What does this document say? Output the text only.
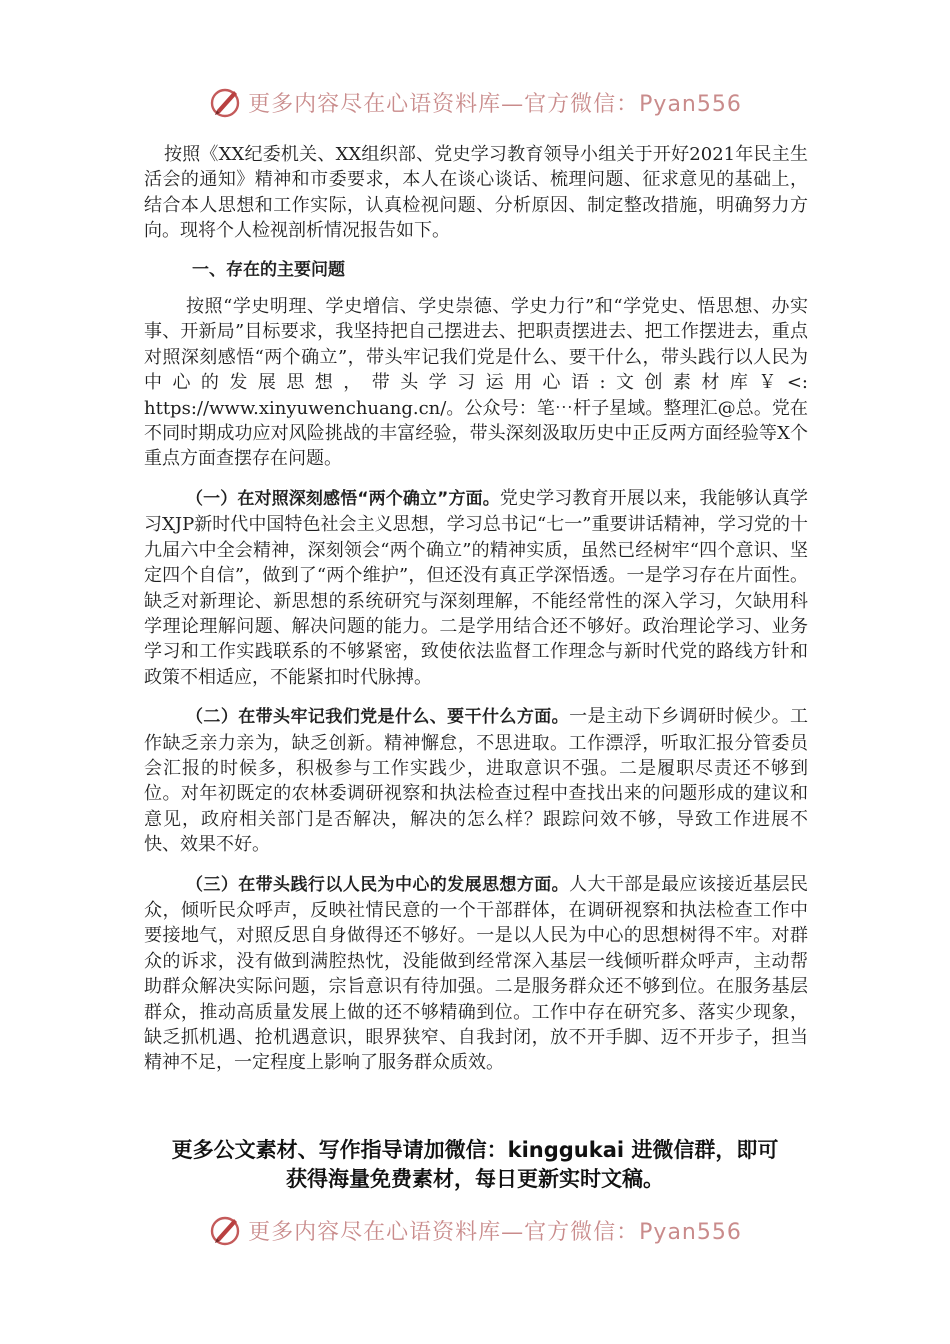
更多内容尽在心语资料库—官方微信：Pyan556

按照《XX纪委机关、XX组织部、党史学习教育领导小组关于开好2021年民主生活会的通知》精神和市委要求，本人在谈心谈话、梳理问题、征求意见的基础上，结合本人思想和工作实际，认真检视问题、分析原因、制定整改措施，明确努力方向。现将个人检视剖析情况报告如下。

一、存在的主要问题

按照“学史明理、学史增信、学史崇德、学史力行”和“学党史、悟思想、办实事、开新局”目标要求，我坚持把自己摆进去、把职责摆进去、把工作摆进去，重点对照深刻感悟“两个确立”，带头牢记我们党是什么、要干什么，带头践行以人民为中心的发展思想，带头学习运用心语:文创素材库￥<: https://www.xinyuwenchuang.cn/。公众号：笔⋯杆子星域。整理汇@总。党在不同时期成功应对风险挑战的丰富经验，带头深刻汲取历史中正反两方面经验等X个重点方面查摆存在问题。

（一）在对照深刻感悟“两个确立”方面。党史学习教育开展以来，我能够认真学习XJP新时代中国特色社会主义思想，学习总书记“七一”重要讲话精神，学习党的十九届六中全会精神，深刻领会“两个确立”的精神实质，虽然已经树牢“四个意识、坚定四个自信”，做到了“两个维护”，但还没有真正学深悟透。一是学习存在片面性。缺乏对新理论、新思想的系统研究与深刻理解，不能经常性的深入学习，欠缺用科学理论理解问题、解决问题的能力。二是学用结合还不够好。政治理论学习、业务学习和工作实践联系的不够紧密，致使依法监督工作理念与新时代党的路线方针和政策不相适应，不能紧扣时代脉搏。

（二）在带头牢记我们党是什么、要干什么方面。一是主动下乡调研时候少。工作缺乏亲力亲为，缺乏创新。精神懈怠，不思进取。工作漂浮，听取汇报分管委员会汇报的时候多，积极参与工作实践少，进取意识不强。二是履职尽责还不够到位。对年初既定的农林委调研视察和执法检查过程中查找出来的问题形成的建议和意见，政府相关部门是否解决，解决的怎么样？跟踪问效不够，导致工作进展不快、效果不好。

（三）在带头践行以人民为中心的发展思想方面。人大干部是最应该接近基层民众，倾听民众呼声，反映社情民意的一个干部群体，在调研视察和执法检查工作中要接地气，对照反思自身做得还不够好。一是以人民为中心的思想树得不牢。对群众的诉求，没有做到满腔热忱，没能做到经常深入基层一线倾听群众呼声，主动帮助群众解决实际问题，宗旨意识有待加强。二是服务群众还不够到位。在服务基层群众，推动高质量发展上做的还不够精确到位。工作中存在研究多、落实少现象，缺乏抓机遇、抢机遇意识，眼界狭窄、自我封闭，放不开手脚、迈不开步子，担当精神不足，一定程度上影响了服务群众质效。

更多公文素材、写作指导请加微信：kinggukai 进微信群，即可
获得海量免费素材，每日更新实时文稿。
更多内容尽在心语资料库—官方微信：Pyan556
